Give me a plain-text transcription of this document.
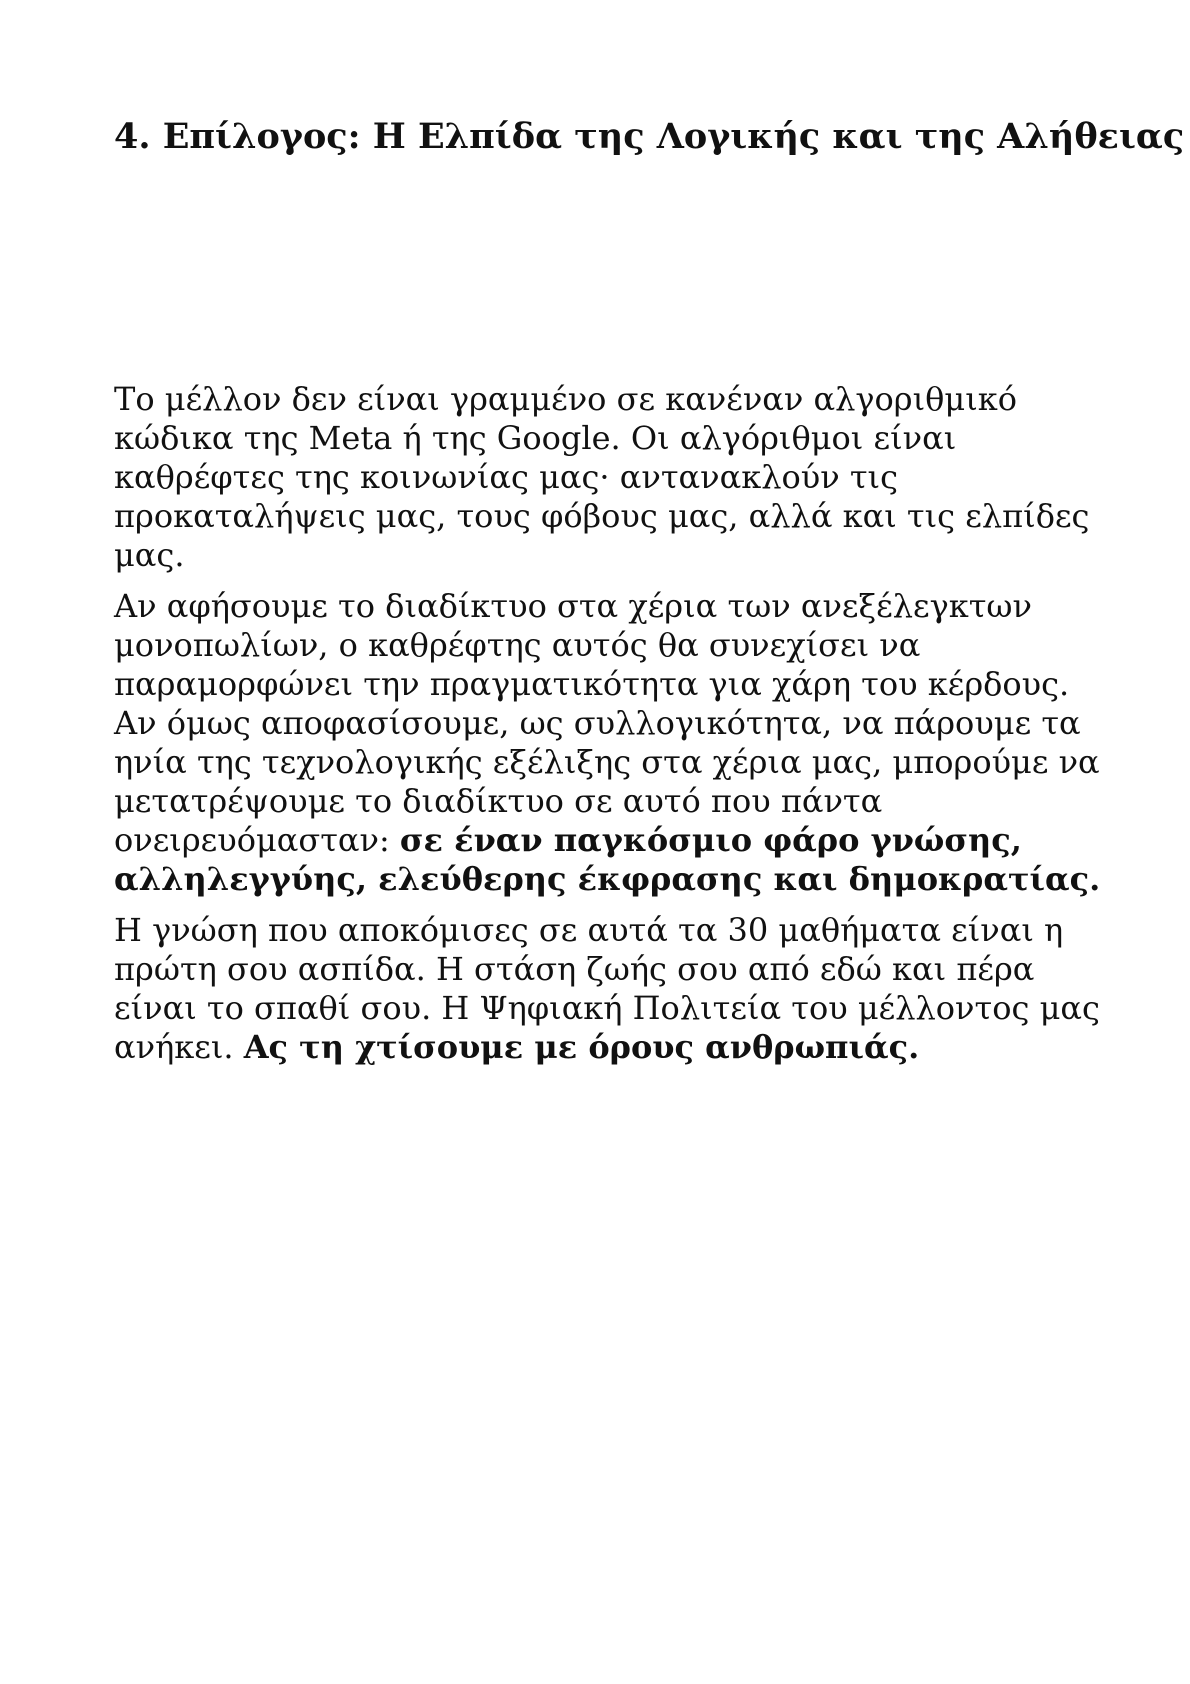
4. Επίλογος: Η Ελπίδα της Λογικής και της Αλήθειας

Το μέλλον δεν είναι γραμμένο σε κανέναν αλγοριθμικό κώδικα της Meta ή της Google. Οι αλγόριθμοι είναι καθρέφτες της κοινωνίας μας· αντανακλούν τις προκαταλήψεις μας, τους φόβους μας, αλλά και τις ελπίδες μας.

Αν αφήσουμε το διαδίκτυο στα χέρια των ανεξέλεγκτων μονοπωλίων, ο καθρέφτης αυτός θα συνεχίσει να παραμορφώνει την πραγματικότητα για χάρη του κέρδους. Αν όμως αποφασίσουμε, ως συλλογικότητα, να πάρουμε τα ηνία της τεχνολογικής εξέλιξης στα χέρια μας, μπορούμε να μετατρέψουμε το διαδίκτυο σε αυτό που πάντα ονειρευόμασταν: σε έναν παγκόσμιο φάρο γνώσης, αλληλεγγύης, ελεύθερης έκφρασης και δημοκρατίας.

Η γνώση που αποκόμισες σε αυτά τα 30 μαθήματα είναι η πρώτη σου ασπίδα. Η στάση ζωής σου από εδώ και πέρα είναι το σπαθί σου. Η Ψηφιακή Πολιτεία του μέλλοντος μας ανήκει. Ας τη χτίσουμε με όρους ανθρωπιάς.
